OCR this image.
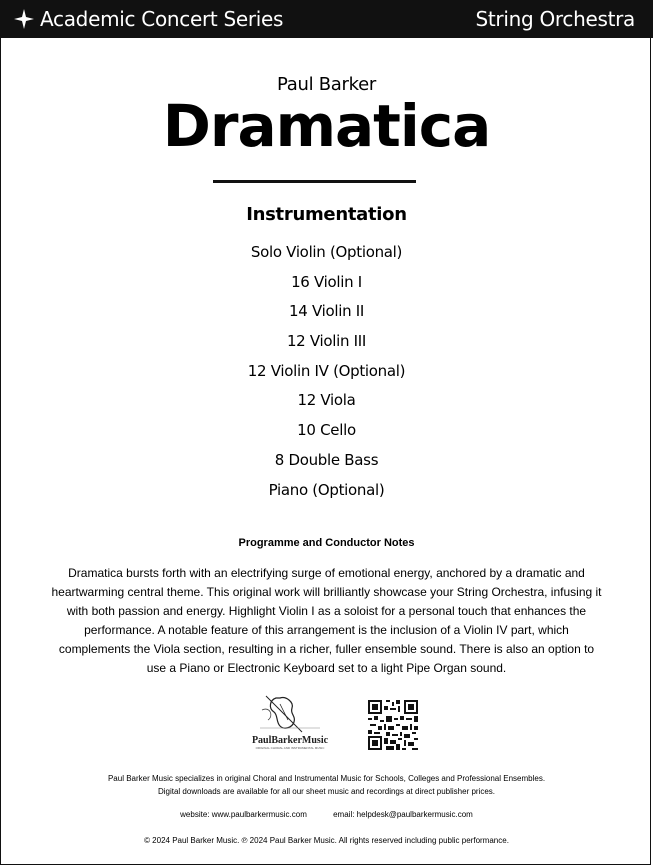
Academic Concert Series	String Orchestra
Paul Barker
Dramatica
Instrumentation
Solo Violin (Optional)
16 Violin I
14 Violin II
12 Violin III
12 Violin IV (Optional)
12 Viola
10 Cello
8 Double Bass
Piano (Optional)
Programme and Conductor Notes
Dramatica bursts forth with an electrifying surge of emotional energy, anchored by a dramatic and heartwarming central theme. This original work will brilliantly showcase your String Orchestra, infusing it with both passion and energy. Highlight Violin I as a soloist for a personal touch that enhances the performance. A notable feature of this arrangement is the inclusion of a Violin IV part, which complements the Viola section, resulting in a richer, fuller ensemble sound. There is also an option to use a Piano or Electronic Keyboard set to a light Pipe Organ sound.
PaulBarkerMusic
ORIGINAL CHORAL AND INSTRUMENTAL MUSIC
Paul Barker Music specializes in original Choral and Instrumental Music for Schools, Colleges and Professional Ensembles.
Digital downloads are available for all our sheet music and recordings at direct publisher prices.
website: www.paulbarkermusic.com	email: helpdesk@paulbarkermusic.com
© 2024 Paul Barker Music. ℗ 2024 Paul Barker Music. All rights reserved including public performance.
